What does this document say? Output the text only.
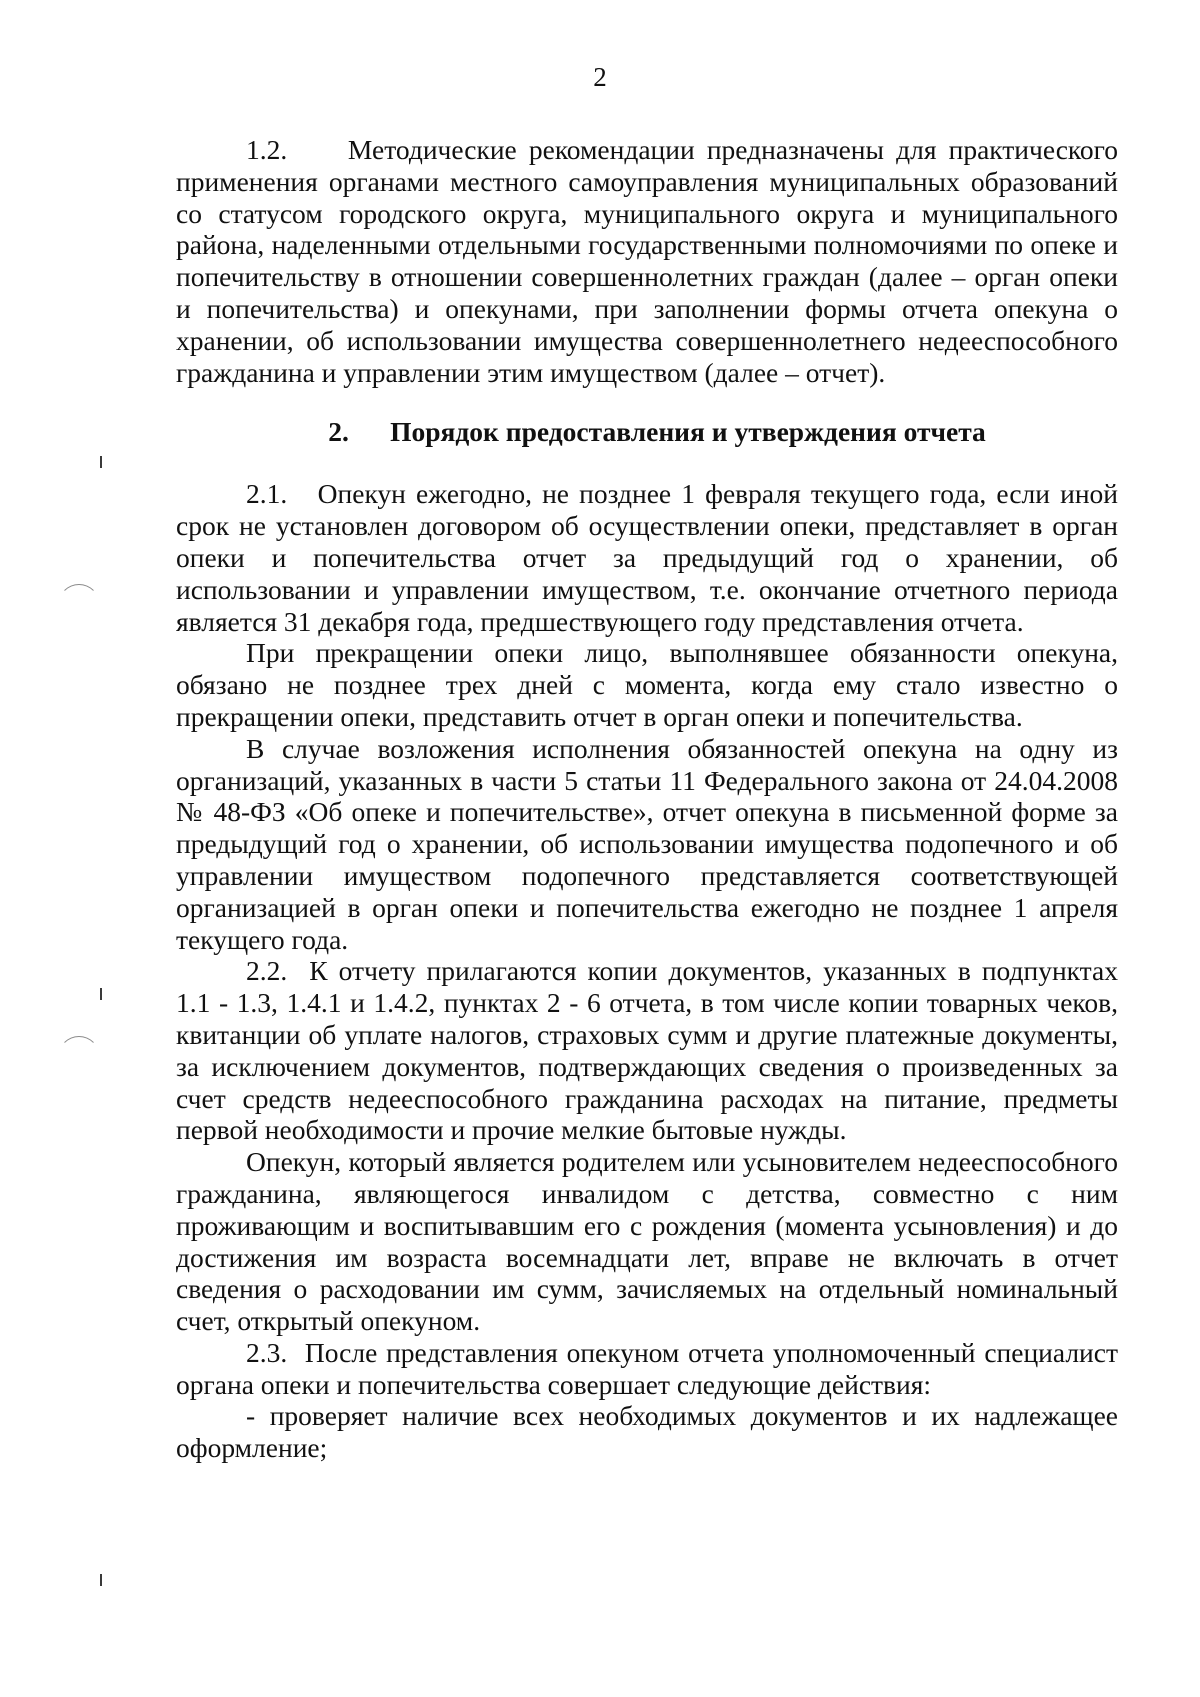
2

1.2.     Методические рекомендации предназначены для практического применения органами местного самоуправления муниципальных образований со статусом городского округа, муниципального округа и муниципального района, наделенными отдельными государственными полномочиями по опеке и попечительству в отношении совершеннолетних граждан (далее – орган опеки и попечительства) и опекунами, при заполнении формы отчета опекуна о хранении, об использовании имущества совершеннолетнего недееспособного гражданина и управлении этим имуществом (далее – отчет).

2.      Порядок предоставления и утверждения отчета

2.1.   Опекун ежегодно, не позднее 1 февраля текущего года, если иной срок не установлен договором об осуществлении опеки, представляет в орган опеки и попечительства отчет за предыдущий год о хранении, об использовании и управлении имуществом, т.е. окончание отчетного периода является 31 декабря года, предшествующего году представления отчета.

При прекращении опеки лицо, выполнявшее обязанности опекуна, обязано не позднее трех дней с момента, когда ему стало известно о прекращении опеки, представить отчет в орган опеки и попечительства.

В случае возложения исполнения обязанностей опекуна на одну из организаций, указанных в части 5 статьи 11 Федерального закона от 24.04.2008 № 48-ФЗ «Об опеке и попечительстве», отчет опекуна в письменной форме за предыдущий год о хранении, об использовании имущества подопечного и об управлении имуществом подопечного представляется соответствующей организацией в орган опеки и попечительства ежегодно не позднее 1 апреля текущего года.

2.2.  К отчету прилагаются копии документов, указанных в подпунктах 1.1 - 1.3, 1.4.1 и 1.4.2, пунктах 2 - 6 отчета, в том числе копии товарных чеков, квитанции об уплате налогов, страховых сумм и другие платежные документы, за исключением документов, подтверждающих сведения о произведенных за счет средств недееспособного гражданина расходах на питание, предметы первой необходимости и прочие мелкие бытовые нужды.

Опекун, который является родителем или усыновителем недееспособного гражданина, являющегося инвалидом с детства, совместно с ним проживающим и воспитывавшим его с рождения (момента усыновления) и до достижения им возраста восемнадцати лет, вправе не включать в отчет сведения о расходовании им сумм, зачисляемых на отдельный номинальный счет, открытый опекуном.

2.3.  После представления опекуном отчета уполномоченный специалист органа опеки и попечительства совершает следующие действия:

- проверяет наличие всех необходимых документов и их надлежащее оформление;
